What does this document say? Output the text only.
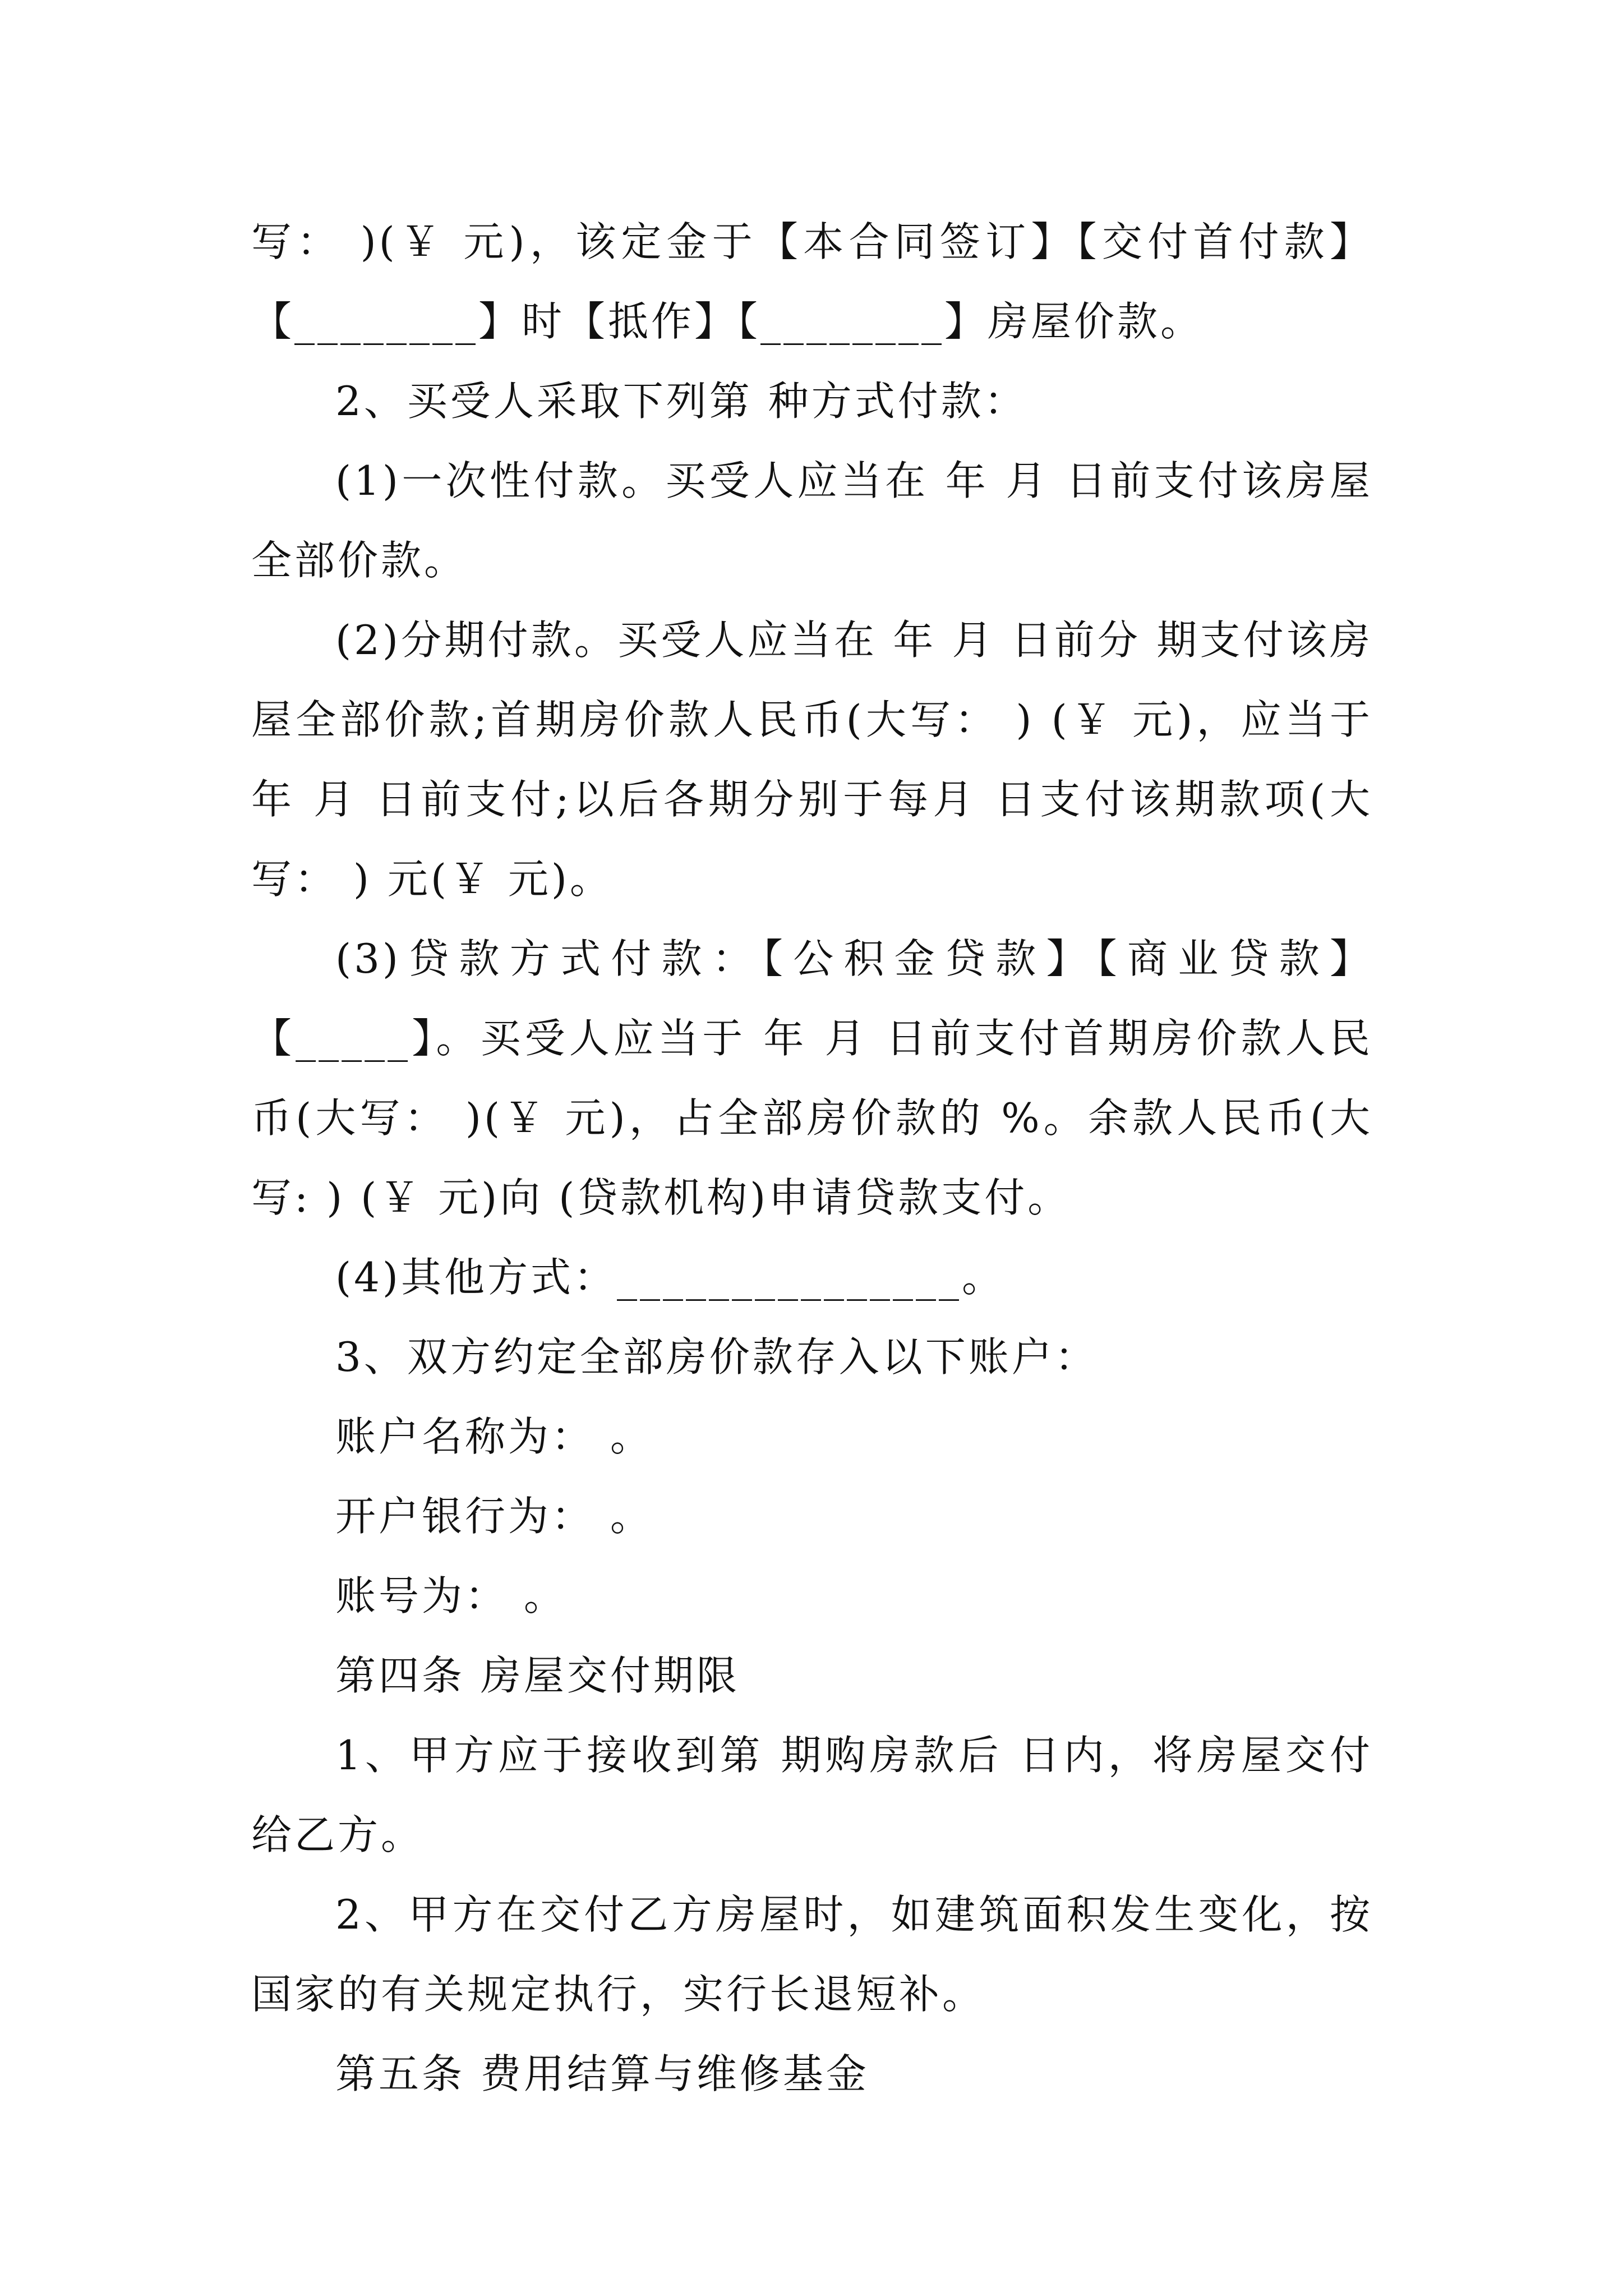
写： )(￥ 元)，该定金于【本合同签订】【交付首付款】【________】时【抵作】【________】房屋价款。

2、买受人采取下列第 种方式付款：

(1)一次性付款。买受人应当在 年 月 日前支付该房屋全部价款。

(2)分期付款。买受人应当在 年 月 日前分 期支付该房屋全部价款;首期房价款人民币(大写： ) (￥ 元)，应当于 年 月 日前支付;以后各期分别于每月 日支付该期款项(大写： ) 元(￥ 元)。

(3)贷款方式付款：【公积金贷款】【商业贷款】【_____】。买受人应当于 年 月 日前支付首期房价款人民币(大写： )(￥ 元)，占全部房价款的 %。余款人民币(大写: ) (￥ 元)向 (贷款机构)申请贷款支付。

(4)其他方式：_______________。

3、双方约定全部房价款存入以下账户：

账户名称为： 。

开户银行为： 。

账号为： 。

第四条 房屋交付期限

1、甲方应于接收到第 期购房款后 日内，将房屋交付给乙方。

2、甲方在交付乙方房屋时，如建筑面积发生变化，按国家的有关规定执行，实行长退短补。

第五条 费用结算与维修基金
